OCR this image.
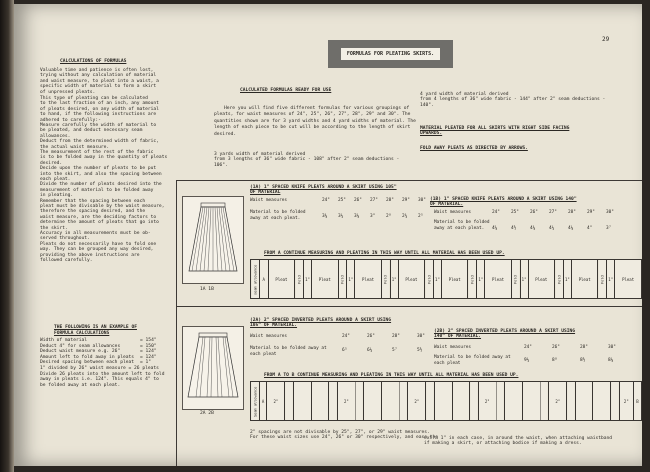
29
FORMULAS FOR PLEATING SKIRTS.
CALCULATIONS OF FORMULAS
Valuable time and patience is often lost,
trying without any calculation of material
and waist measure, to pleat into a waist, a
specific width of material to form a skirt
of unpressed pleats.
This type of pleating can be calculated
to the last fraction of an inch, any amount
of pleats desired, on any width of material
to hand, if the following instructions are
adhered to carefully:-
Measure carefully the width of material to
be pleated, and deduct necessary seam
allowances.
Deduct from the determined width of fabric,
the actual waist measure.
The measurement of the rest of the fabric
is to be folded away in the quantity of pleats
desired.
Decide upon the number of pleats to be put
into the skirt, and also the spacing between
each pleat.
Divide the number of pleats desired into the
measurement of material to be folded away
in pleating.
Remember that the spacing between each
pleat must be divisable by the waist measure,
therefore the spacing desired, and the
waist measure, are the deciding factors to
determine the amount of pleats that go into
the skirt.
Accuracy in all measurements must be ob-
served throughout.
Pleats do not necessarily have to fold one
way. They can be grouped any way desired,
providing the above instructions are
followed carefully.
THE FOLLOWING IS AN EXAMPLE OF
FORMULA CALCULATIONS
Width of material	= 154"
Deduct 4" for seam allowances	= 150"
Deduct waist measure e.g. 26"	= 124"
Amount left to fold away in pleats = 124"
Desired spacing between each pleat = 1"
1" divided by 26" waist measure = 26 pleats
Divide 26 pleats into the amount left to fold
away in pleats i.e. 124". This equals 4" to
be folded away at each pleat.
CALCULATED FORMULAS READY FOR USE
Here you will find five different formulas for various groupings of pleats, for waist measures of 24", 25", 26", 27", 28", 29" and 30". The quantities shown are for 3 yard widths and 4 yard widths of material. The length of each piece to be cut will be according to the length of skirt desired.
3 yards width of material derived
from 3 lengths of 36" wide fabric - 108" after 2" seam deductions -
106".
4 yard width of material derived
from 4 lengths of 36" wide fabric - 144" after 2" seam deductions -
140".
MATERIAL PLEATED FOR ALL SKIRTS WITH RIGHT SIDE FACING
UPWARDS.
FOLD AWAY PLEATS AS DIRECTED BY ARROWS.
(1A) 1" SPACED KNIFE PLEATS AROUND A SKIRT USING 105"
OF MATERIAL
(1B) 1" SPACED KNIFE PLEATS AROUND A SKIRT USING 140"
OF MATERIAL.
Waist measures
Material to be folded
away at each pleat.
24" 25" 26" 27" 28" 29" 30"
3⅜ 3¼ 3⅛ 3" 2⁸ 2¾ 2⁵
Waist measures
Material to be folded
away at each pleat.
24"	25"	26"	27"	28"	29"	30"
4⅝	4½	4⅜	4¼	4⅛	4"	3⁷
1A 1B
FROM A CONTINUE MEASURING AND PLEATING IN THIS WAY UNTIL ALL MATERIAL HAS BEEN USED UP.
seam allowance	A	Pleat	Fold	1"	Pleat	Fold	1"	Pleat	Fold	1"	Pleat	Fold	1"	Pleat	Fold	1"	Pleat	Fold	1"	Pleat	Fold	1"	Pleat	Fold	1"	Pleat
(2A) 2" SPACED INVERTED PLEATS AROUND A SKIRT USING
105" OF MATERIAL.
(2B) 2" SPACED INVERTED PLEATS AROUND A SKIRT USING
140" OF MATERIAL.
Waist measures
Material to be folded away at
each pleat
24"	26"	28"	30"
6⁵	6¼	5⁷	5½
Waist measures
Material to be folded away at
each pleat
24"	26"	28"	30"
9¼	8⁸	8½	8⅛
2A 2B
FROM A TO B CONTINUE MEASURING AND PLEATING IN THIS WAY UNTIL ALL MATERIAL HAS BEEN USED UP.
Seam allowance	A	2"					2"					2"					2"					2"					2"	B
2" spacings are not divisable by 25", 27", or 29" waist measures.
For these waist sizes use 24", 26" or 30" respectively, and ease the
extra 1" in each case, in around the waist, when attaching waistband
if making a skirt, or attaching bodice if making a dress.
